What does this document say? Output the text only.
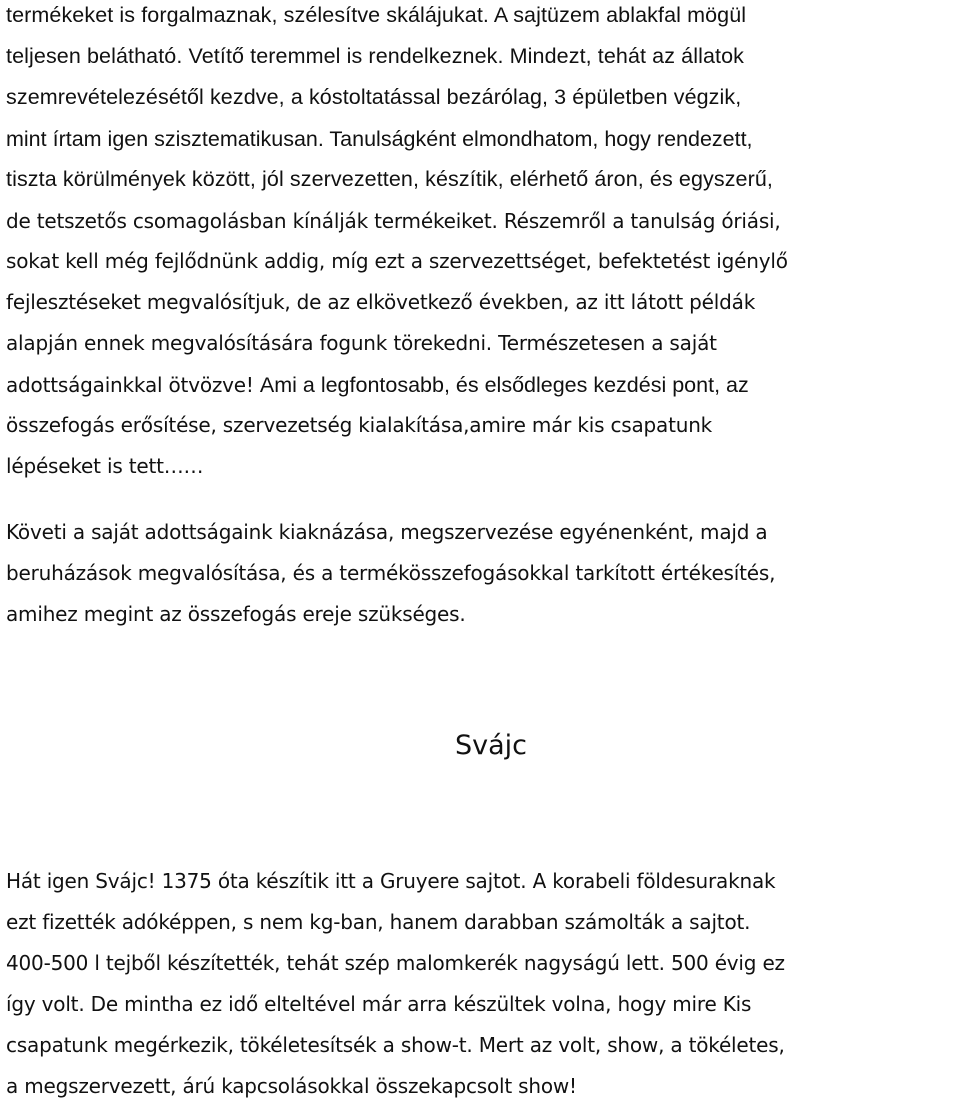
termékeket is forgalmaznak, szélesítve skálájukat. A sajtüzem ablakfal mögül
teljesen belátható. Vetítő teremmel is rendelkeznek. Mindezt, tehát az állatok
szemrevételezésétől kezdve, a kóstoltatással bezárólag, 3 épületben végzik,
mint írtam igen szisztematikusan. Tanulságként elmondhatom, hogy rendezett,
tiszta körülmények között, jól szervezetten, készítik, elérhető áron, és egyszerű,
de tetszetős csomagolásban kínálják termékeiket. Részemről a tanulság óriási,
sokat kell még fejlődnünk addig, míg ezt a szervezettséget, befektetést igénylő
fejlesztéseket megvalósítjuk, de az elkövetkező években, az itt látott példák
alapján ennek megvalósítására fogunk törekedni. Természetesen a saját
adottságainkkal ötvözve! Ami a legfontosabb, és elsődleges kezdési pont, az
összefogás erősítése, szervezetség kialakítása,amire már kis csapatunk
lépéseket is tett……
Követi a saját adottságaink kiaknázása, megszervezése egyénenként, majd a
beruházások megvalósítása, és a termékösszefogásokkal tarkított értékesítés,
amihez megint az összefogás ereje szükséges.
Svájc
Hát igen Svájc! 1375 óta készítik itt a Gruyere sajtot. A korabeli földesuraknak
ezt fizették adóképpen, s nem kg-ban, hanem darabban számolták a sajtot.
400-500 l tejből készítették, tehát szép malomkerék nagyságú lett. 500 évig ez
így volt. De mintha ez idő elteltével már arra készültek volna, hogy mire Kis
csapatunk megérkezik, tökéletesítsék a show-t. Mert az volt, show, a tökéletes,
a megszervezett, árú kapcsolásokkal összekapcsolt show!
